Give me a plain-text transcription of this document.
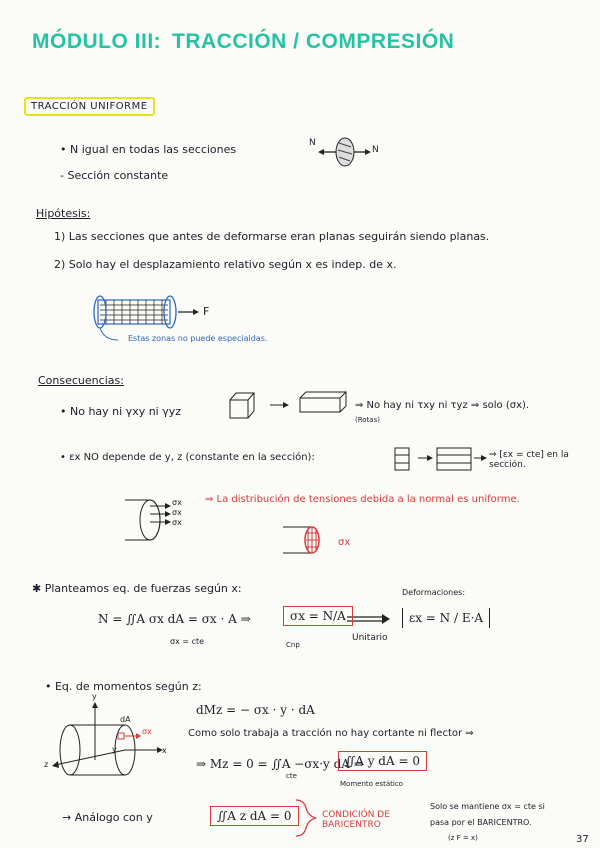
MÓDULO III: TRACCIÓN / COMPRESIÓN
TRACCIÓN UNIFORME
• N igual en todas las secciones
- Sección constante
N
N
Hipótesis:
1) Las secciones que antes de deformarse eran planas seguirán siendo planas.
2) Solo hay el desplazamiento relativo según x es indep. de x.
F
Estas zonas no puede especialdas.
Consecuencias:
• No hay ni γxy ni γyz	⇒ No hay ni τxy ni τyz ⇒ solo (σx).
(Rotas)
• εx NO depende de y, z (constante en la sección):	⇒ [εx = cte] en la sección.
σx
σx
σx
⇒ La distribución de tensiones debida a la normal es uniforme.
σx
✱ Planteamos eq. de fuerzas según x:
N = ∬A σx dA = σx · A ⇒
σx = cte
σx = N/A
Cnp
Unitario
Deformaciones:
εx = N / E·A
• Eq. de momentos según z:
dMz = − σx · y · dA
Como solo trabaja a tracción no hay cortante ni flector ⇒
⇒ Mz = 0 = ∬A −σx·y dA ⇒
cte
∬A y dA = 0
Momento estático
y
x
z
dA
σx
y
→ Análogo con y	∬A z dA = 0	CONDICIÓN DE BARICENTRO
Solo se mantiene σx = cte si
pasa por el BARICENTRO.
(z F = x)	37
